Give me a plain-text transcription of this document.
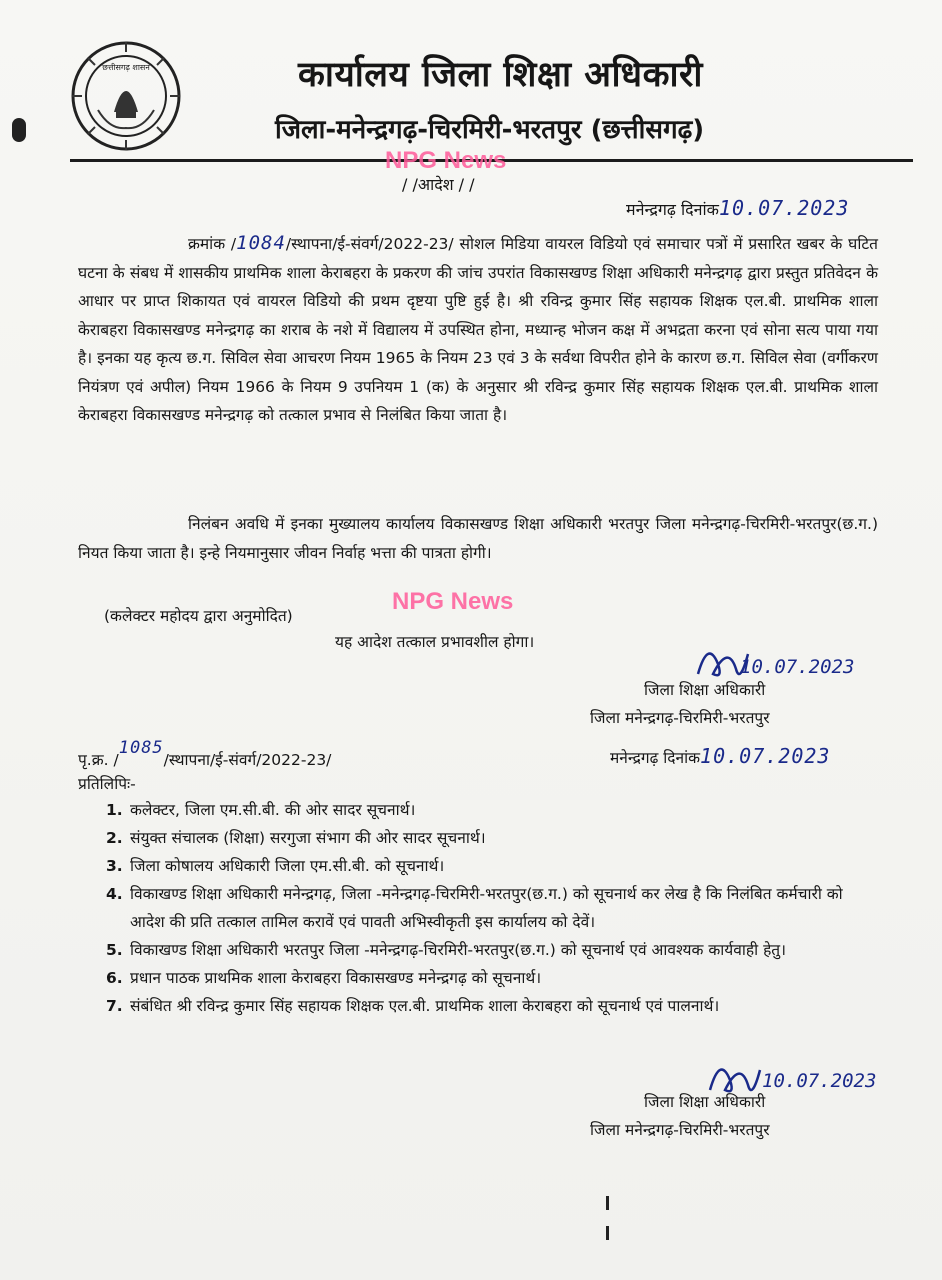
छत्तीसगढ़ शासन	कार्यालय जिला शिक्षा अधिकारी
जिला-मनेन्द्रगढ़-चिरमिरी-भरतपुर (छत्तीसगढ़)
NPG News
/ /आदेश / /
मनेन्द्रगढ़ दिनांक10.07.2023
क्रमांक /1084/स्थापना/ई-संवर्ग/2022-23/ सोशल मिडिया वायरल विडियो एवं समाचार पत्रों में प्रसारित खबर के घटित घटना के संबध में शासकीय प्राथमिक शाला केराबहरा के प्रकरण की जांच उपरांत विकासखण्ड शिक्षा अधिकारी मनेन्द्रगढ़ द्वारा प्रस्तुत प्रतिवेदन के आधार पर प्राप्त शिकायत एवं वायरल विडियो की प्रथम दृष्टया पुष्टि हुई है। श्री रविन्द्र कुमार सिंह सहायक शिक्षक एल.बी. प्राथमिक शाला केराबहरा विकासखण्ड मनेन्द्रगढ़ का शराब के नशे में विद्यालय में उपस्थित होना, मध्यान्ह भोजन कक्ष में अभद्रता करना एवं सोना सत्य पाया गया है। इनका यह कृत्य छ.ग. सिविल सेवा आचरण नियम 1965 के नियम 23 एवं 3 के सर्वथा विपरीत होने के कारण छ.ग. सिविल सेवा (वर्गीकरण नियंत्रण एवं अपील) नियम 1966 के नियम 9 उपनियम 1 (क) के अनुसार श्री रविन्द्र कुमार सिंह सहायक शिक्षक एल.बी. प्राथमिक शाला केराबहरा विकासखण्ड मनेन्द्रगढ़ को तत्काल प्रभाव से निलंबित किया जाता है।
निलंबन अवधि में इनका मुख्यालय कार्यालय विकासखण्ड शिक्षा अधिकारी भरतपुर जिला मनेन्द्रगढ़-चिरमिरी-भरतपुर(छ.ग.) नियत किया जाता है। इन्हे नियमानुसार जीवन निर्वाह भत्ता की पात्रता होगी।
NPG News
(कलेक्टर महोदय द्वारा अनुमोदित)
यह आदेश तत्काल प्रभावशील होगा।
10.07.2023
जिला शिक्षा अधिकारी
जिला मनेन्द्रगढ़-चिरमिरी-भरतपुर
पृ.क्र. /1085/स्थापना/ई-संवर्ग/2022-23/	मनेन्द्रगढ़ दिनांक10.07.2023
प्रतिलिपिः-
1. कलेक्टर, जिला एम.सी.बी. की ओर सादर सूचनार्थ।
2. संयुक्त संचालक (शिक्षा) सरगुजा संभाग की ओर सादर सूचनार्थ।
3. जिला कोषालय अधिकारी जिला एम.सी.बी. को सूचनार्थ।
4. विकाखण्ड शिक्षा अधिकारी मनेन्द्रगढ़, जिला -मनेन्द्रगढ़-चिरमिरी-भरतपुर(छ.ग.) को सूचनार्थ कर लेख है कि निलंबित कर्मचारी को आदेश की प्रति तत्काल तामिल करावें एवं पावती अभिस्वीकृती इस कार्यालय को देवें।
5. विकाखण्ड शिक्षा अधिकारी भरतपुर जिला -मनेन्द्रगढ़-चिरमिरी-भरतपुर(छ.ग.) को सूचनार्थ एवं आवश्यक कार्यवाही हेतु।
6. प्रधान पाठक प्राथमिक शाला केराबहरा विकासखण्ड मनेन्द्रगढ़ को सूचनार्थ।
7. संबंधित श्री रविन्द्र कुमार सिंह सहायक शिक्षक एल.बी. प्राथमिक शाला केराबहरा को सूचनार्थ एवं पालनार्थ।
10.07.2023
जिला शिक्षा अधिकारी
जिला मनेन्द्रगढ़-चिरमिरी-भरतपुर
